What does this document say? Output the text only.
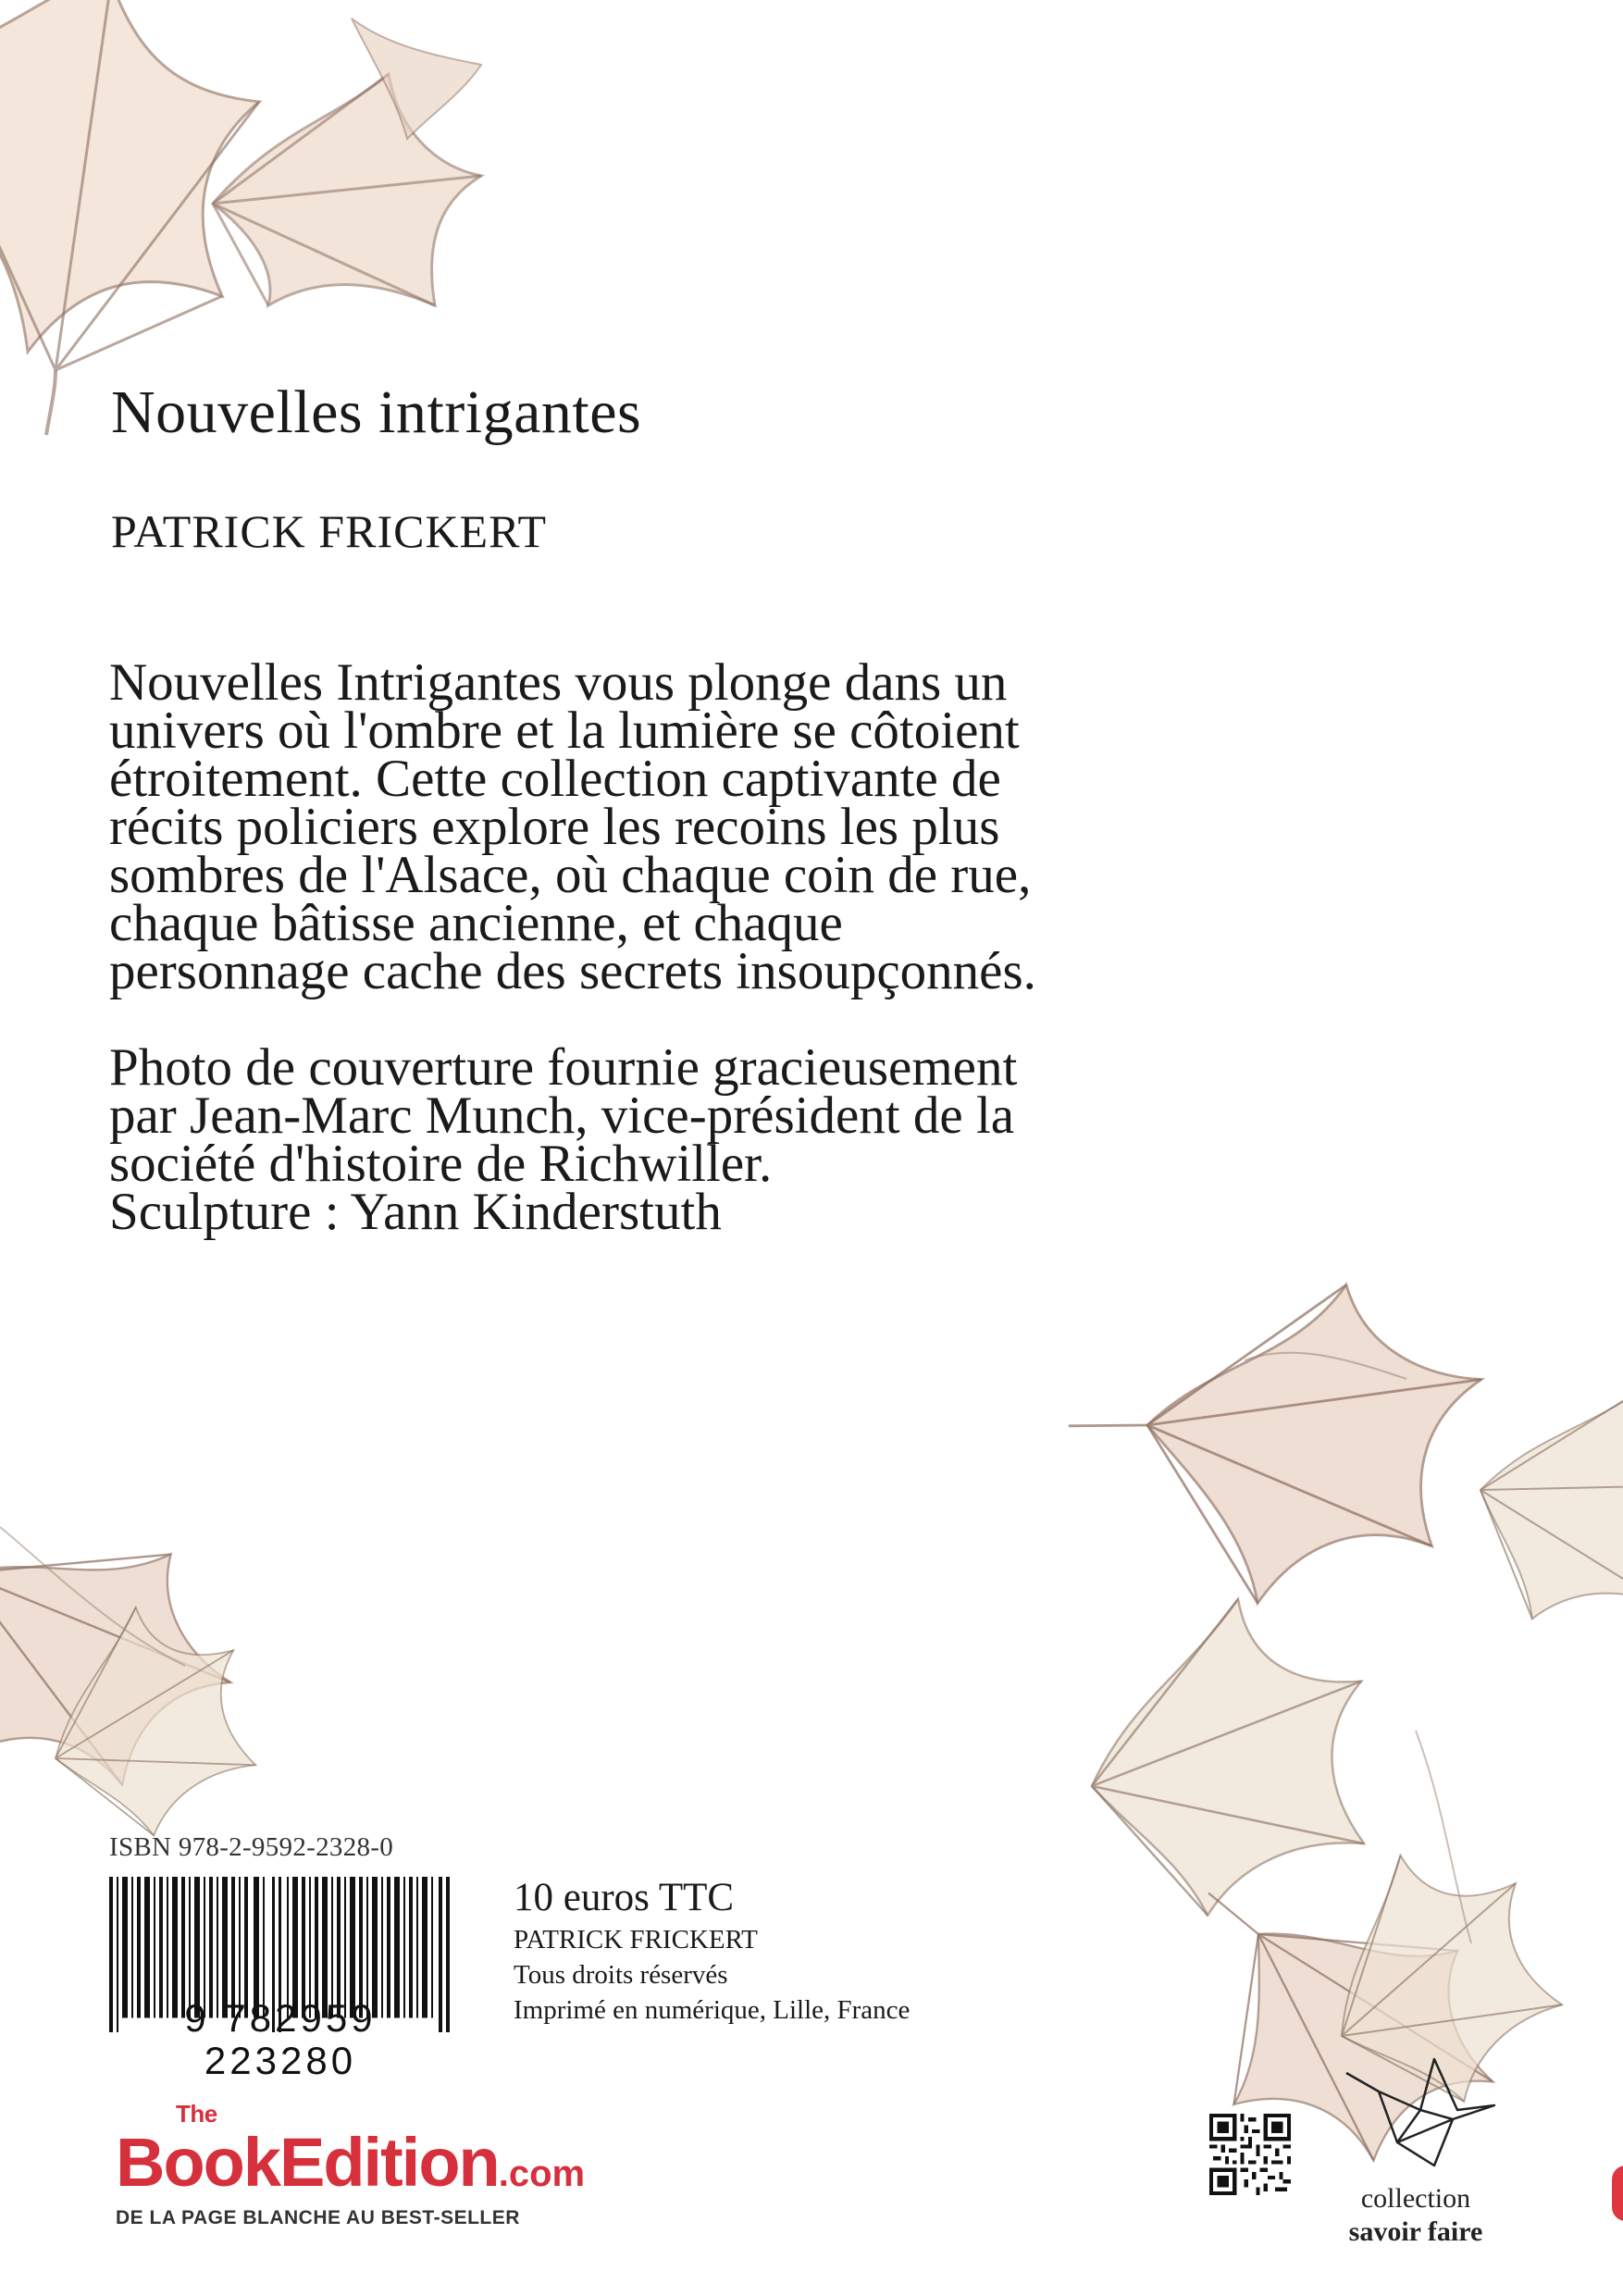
Nouvelles intrigantes
PATRICK FRICKERT

Nouvelles Intrigantes vous plonge dans un
univers où l'ombre et la lumière se côtoient
étroitement. Cette collection captivante de
récits policiers explore les recoins les plus
sombres de l'Alsace, où chaque coin de rue,
chaque bâtisse ancienne, et chaque
personnage cache des secrets insoupçonnés.

Photo de couverture fournie gracieusement
par Jean-Marc Munch, vice-président de la
société d'histoire de Richwiller.
Sculpture : Yann Kinderstuth

ISBN 978-2-9592-2328-0
9 782959 223280
10 euros TTC
PATRICK FRICKERT
Tous droits réservés
Imprimé en numérique, Lille, France
The
BookEdition.com
DE LA PAGE BLANCHE AU BEST-SELLER
collection
savoir faire
